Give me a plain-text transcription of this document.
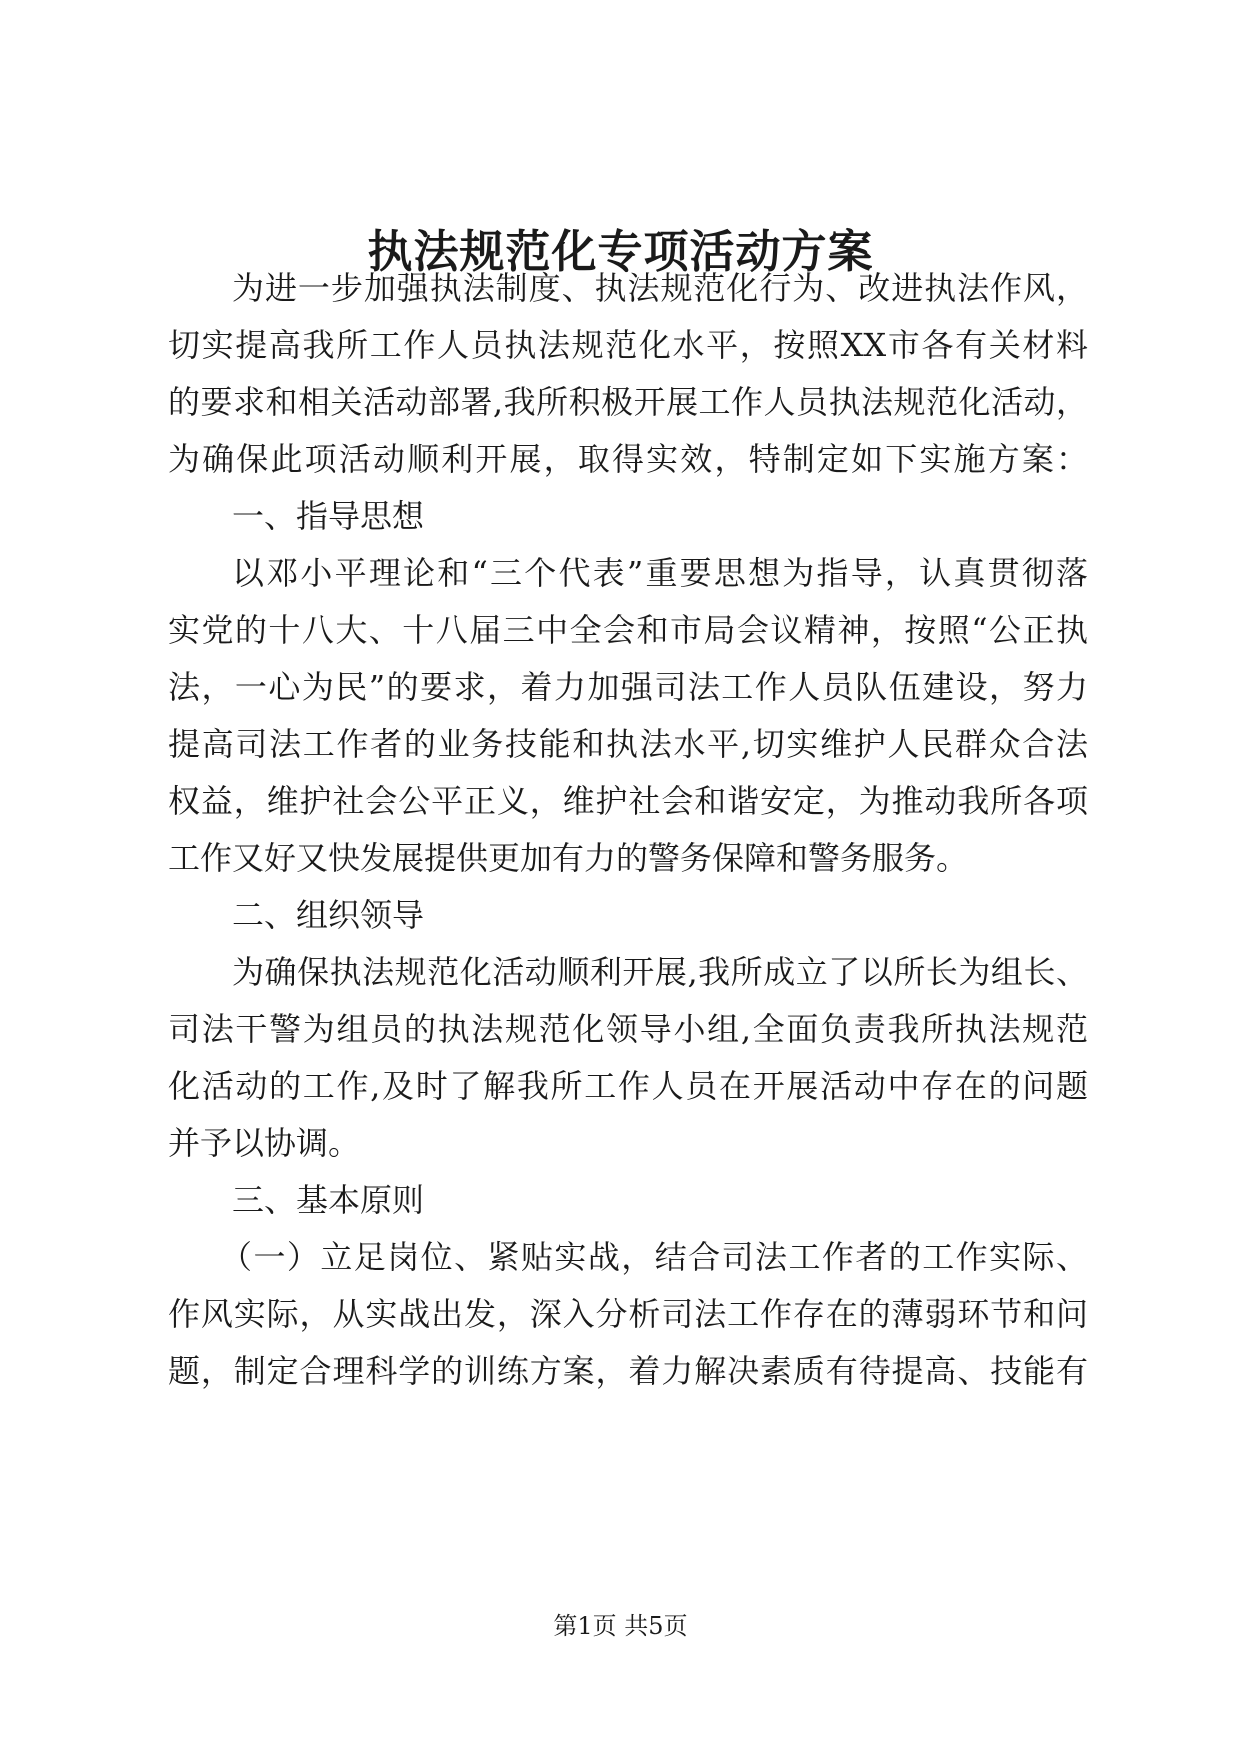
执法规范化专项活动方案
为进一步加强执法制度、执法规范化行为、改进执法作风，
切实提高我所工作人员执法规范化水平，按照XX市各有关材料
的要求和相关活动部署,我所积极开展工作人员执法规范化活动，
为确保此项活动顺利开展，取得实效，特制定如下实施方案：
一、指导思想
以邓小平理论和“三个代表”重要思想为指导，认真贯彻落
实党的十八大、十八届三中全会和市局会议精神，按照“公正执
法，一心为民”的要求，着力加强司法工作人员队伍建设，努力
提高司法工作者的业务技能和执法水平,切实维护人民群众合法
权益，维护社会公平正义，维护社会和谐安定，为推动我所各项
工作又好又快发展提供更加有力的警务保障和警务服务。
二、组织领导
为确保执法规范化活动顺利开展,我所成立了以所长为组长、
司法干警为组员的执法规范化领导小组,全面负责我所执法规范
化活动的工作,及时了解我所工作人员在开展活动中存在的问题
并予以协调。
三、基本原则
（一）立足岗位、紧贴实战，结合司法工作者的工作实际、
作风实际，从实战出发，深入分析司法工作存在的薄弱环节和问
题，制定合理科学的训练方案，着力解决素质有待提高、技能有
第1页 共5页
